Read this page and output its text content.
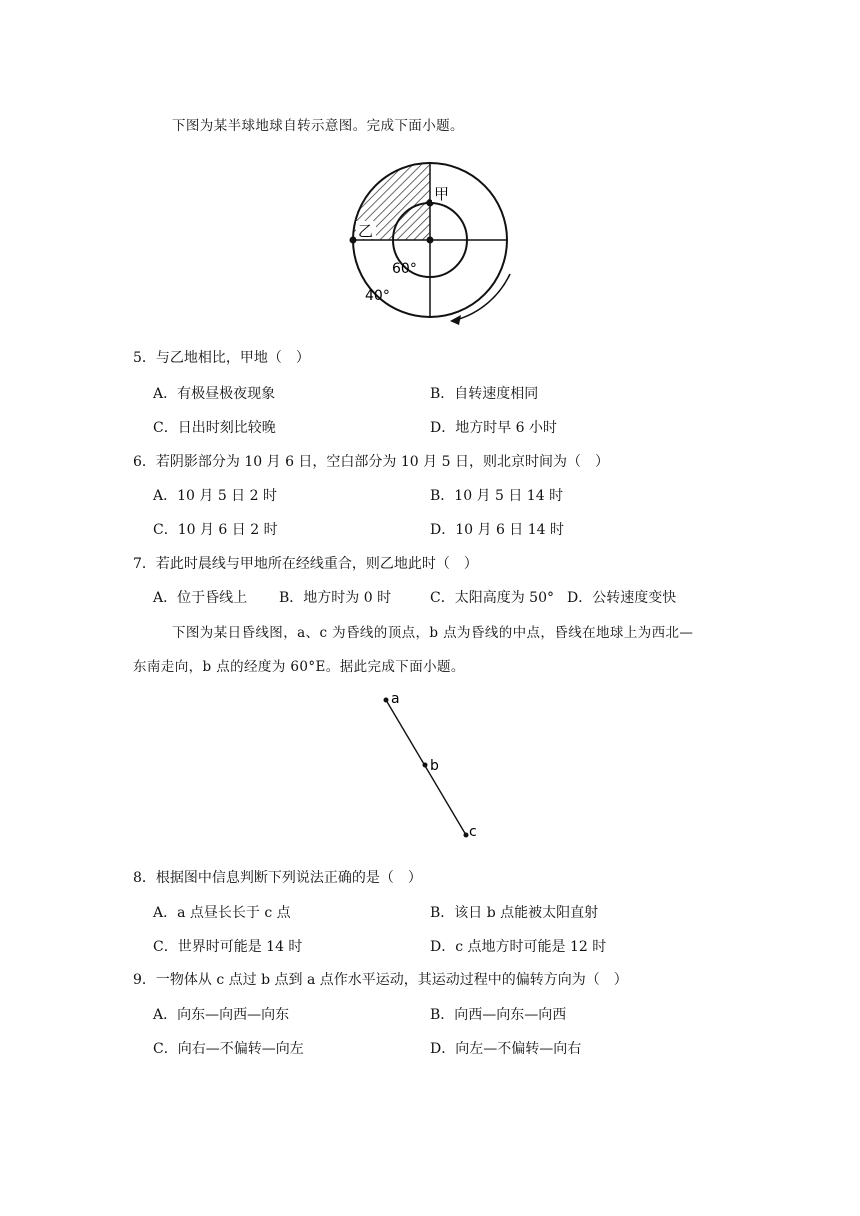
下图为某半球地球自转示意图。完成下面小题。
甲
乙
60°
40°
5．与乙地相比，甲地（　）
A．有极昼极夜现象	B．自转速度相同
C．日出时刻比较晚	D．地方时早 6 小时
6．若阴影部分为 10 月 6 日，空白部分为 10 月 5 日，则北京时间为（　）
A．10 月 5 日 2 时	B．10 月 5 日 14 时
C．10 月 6 日 2 时	D．10 月 6 日 14 时
7．若此时晨线与甲地所在经线重合，则乙地此时（　）
A．位于昏线上 B．地方时为 0 时	C．太阳高度为 50° D．公转速度变快
下图为某日昏线图，a、c 为昏线的顶点，b 点为昏线的中点，昏线在地球上为西北—
东南走向，b 点的经度为 60°E。据此完成下面小题。
a
b
c
8．根据图中信息判断下列说法正确的是（　）
A．a 点昼长长于 c 点	B．该日 b 点能被太阳直射
C．世界时可能是 14 时	D．c 点地方时可能是 12 时
9．一物体从 c 点过 b 点到 a 点作水平运动，其运动过程中的偏转方向为（　）
A．向东—向西—向东	B．向西—向东—向西
C．向右—不偏转—向左	D．向左—不偏转—向右
